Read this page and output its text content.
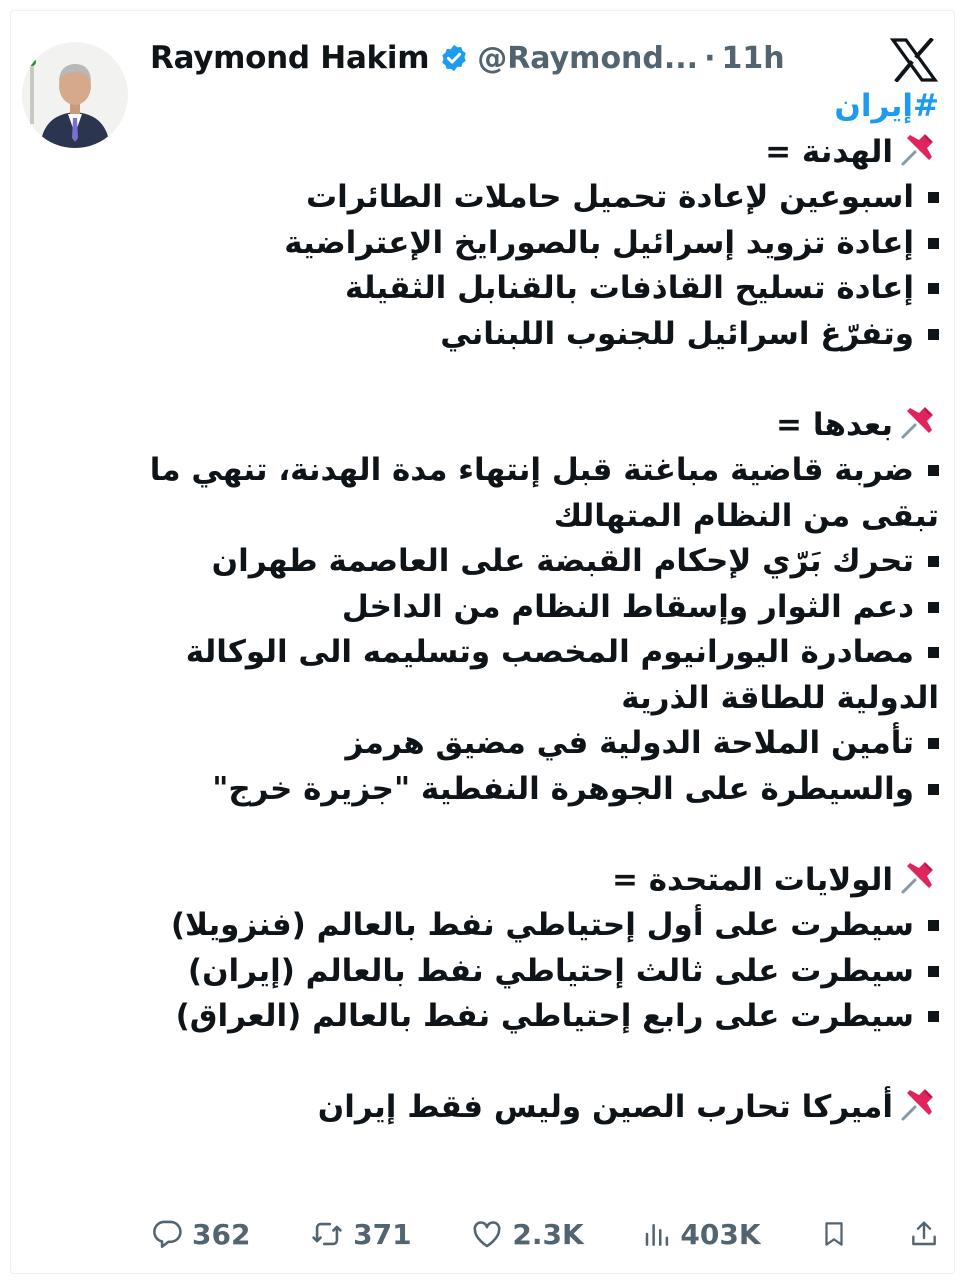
Raymond Hakim @Raymond... · 11h
#إيران
الهدنة =
اسبوعين لإعادة تحميل حاملات الطائرات
إعادة تزويد إسرائيل بالصورايخ الإعتراضية
إعادة تسليح القاذفات بالقنابل الثقيلة
وتفرّغ اسرائيل للجنوب اللبناني
بعدها =
ضربة قاضية مباغتة قبل إنتهاء مدة الهدنة، تنهي ما تبقى من النظام المتهالك
تحرك بَرّي لإحكام القبضة على العاصمة طهران
دعم الثوار وإسقاط النظام من الداخل
مصادرة اليورانيوم المخصب وتسليمه الى الوكالة الدولية للطاقة الذرية
تأمين الملاحة الدولية في مضيق هرمز
والسيطرة على الجوهرة النفطية "جزيرة خرج"
الولايات المتحدة =
سيطرت على أول إحتياطي نفط بالعالم (فنزويلا)
سيطرت على ثالث إحتياطي نفط بالعالم (إيران)
سيطرت على رابع إحتياطي نفط بالعالم (العراق)
أميركا تحارب الصين وليس فقط إيران
362	371	2.3K	403K
